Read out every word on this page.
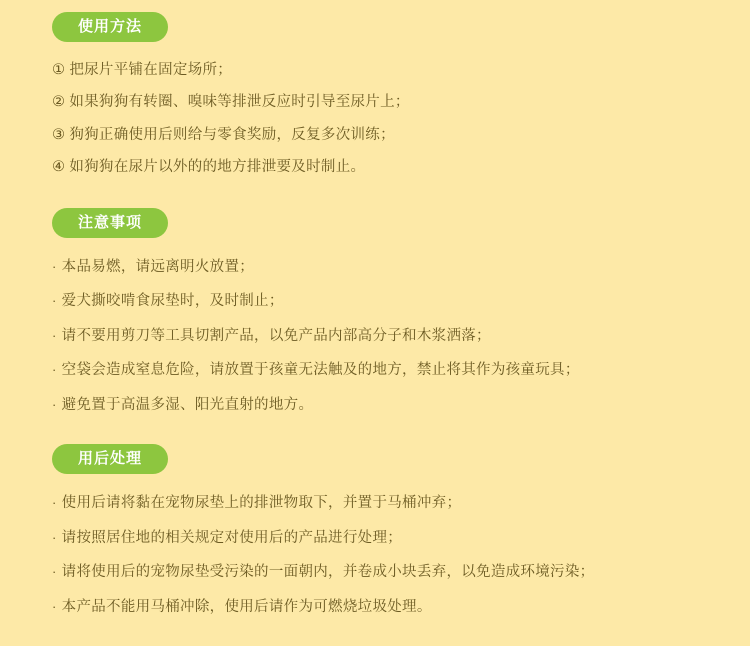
使用方法
① 把尿片平铺在固定场所；
② 如果狗狗有转圈、嗅味等排泄反应时引导至尿片上；
③ 狗狗正确使用后则给与零食奖励，反复多次训练；
④ 如狗狗在尿片以外的的地方排泄要及时制止。
注意事项
· 本品易燃，请远离明火放置；
· 爱犬撕咬啃食尿垫时，及时制止；
· 请不要用剪刀等工具切割产品，以免产品内部高分子和木浆洒落；
· 空袋会造成窒息危险，请放置于孩童无法触及的地方，禁止将其作为孩童玩具；
· 避免置于高温多湿、阳光直射的地方。
用后处理
· 使用后请将黏在宠物尿垫上的排泄物取下，并置于马桶冲弃；
· 请按照居住地的相关规定对使用后的产品进行处理；
· 请将使用后的宠物尿垫受污染的一面朝内，并卷成小块丢弃，以免造成环境污染；
· 本产品不能用马桶冲除，使用后请作为可燃烧垃圾处理。
